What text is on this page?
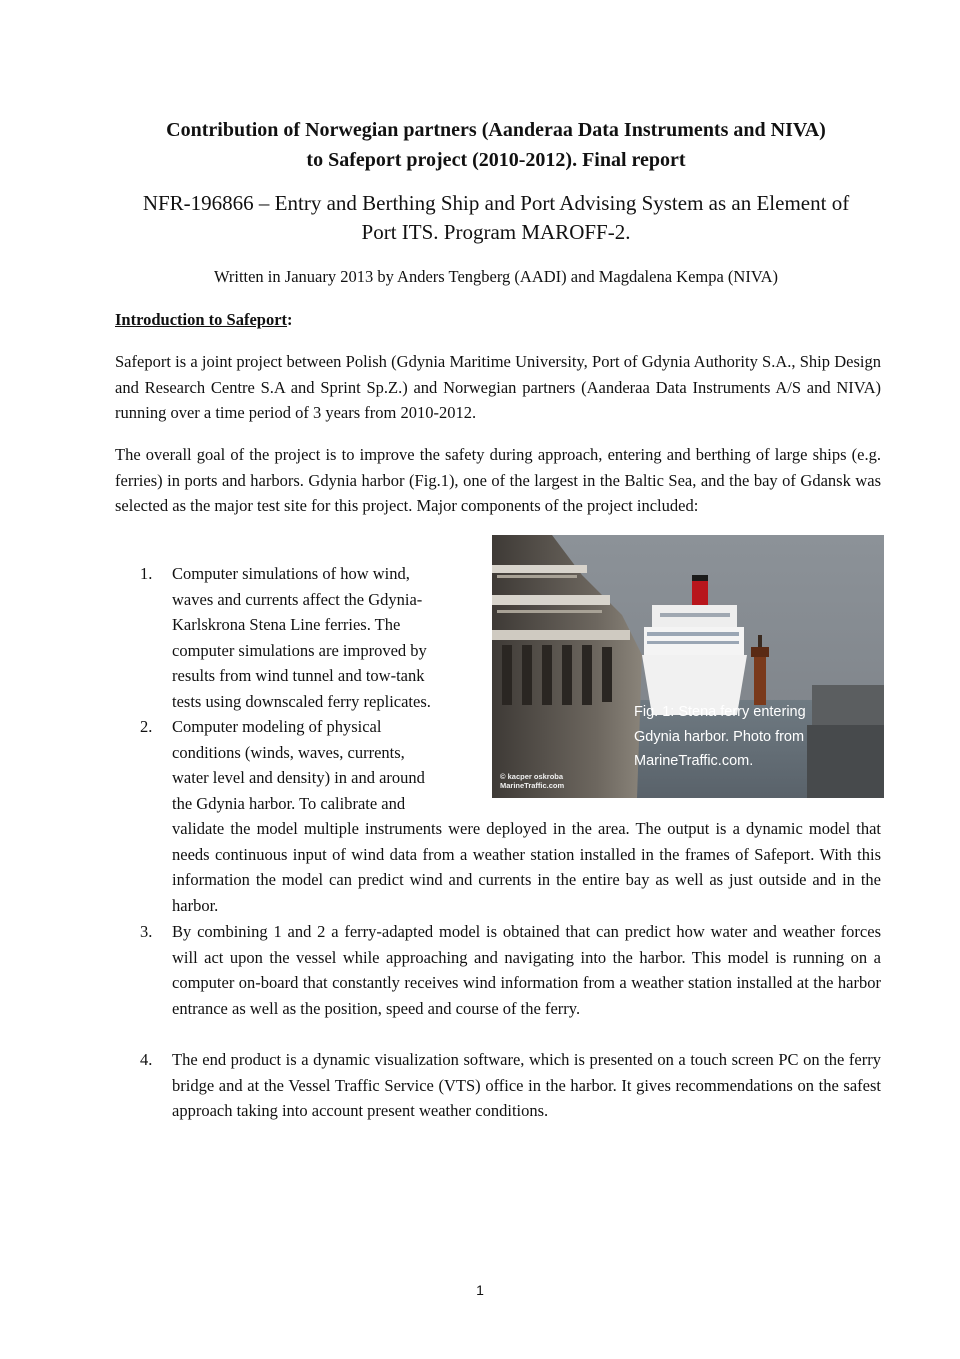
Contribution of Norwegian partners (Aanderaa Data Instruments and NIVA)
to Safeport project (2010-2012). Final report
NFR-196866 – Entry and Berthing Ship and Port Advising System as an Element of
Port ITS. Program MAROFF-2.
Written in January 2013 by Anders Tengberg (AADI) and Magdalena Kempa (NIVA)
Introduction to Safeport:

Safeport is a joint project between Polish (Gdynia Maritime University, Port of Gdynia Authority S.A., Ship Design and Research Centre S.A and Sprint Sp.Z.) and Norwegian partners (Aanderaa Data Instruments A/S and NIVA) running over a time period of 3 years from 2010-2012.

The overall goal of the project is to improve the safety during approach, entering and berthing of large ships (e.g. ferries) in ports and harbors. Gdynia harbor (Fig.1), one of the largest in the Baltic Sea, and the bay of Gdansk was selected as the major test site for this project. Major components of the project included:

Fig. 1: Stena ferry entering
Gdynia harbor. Photo from
MarineTraffic.com.
© kacper oskroba
MarineTraffic.com
1.	Computer simulations of how wind,
waves and currents affect the Gdynia-
Karlskrona Stena Line ferries. The
computer simulations are improved by
results from wind tunnel and tow-tank
tests using downscaled ferry replicates.
2.	Computer modeling of physical
conditions (winds, waves, currents,
water level and density) in and around
the Gdynia harbor. To calibrate and

validate the model multiple instruments were deployed in the area. The output is a dynamic model that needs continuous input of wind data from a weather station installed in the frames of Safeport. With this information the model can predict wind and currents in the entire bay as well as just outside and in the harbor.

3.	By combining 1 and 2 a ferry-adapted model is obtained that can predict how water and weather forces will act upon the vessel while approaching and navigating into the harbor. This model is running on a computer on-board that constantly receives wind information from a weather station installed at the harbor entrance as well as the position, speed and course of the ferry.

4.	The end product is a dynamic visualization software, which is presented on a touch screen PC on the ferry bridge and at the Vessel Traffic Service (VTS) office in the harbor. It gives recommendations on the safest approach taking into account present weather conditions.

1
